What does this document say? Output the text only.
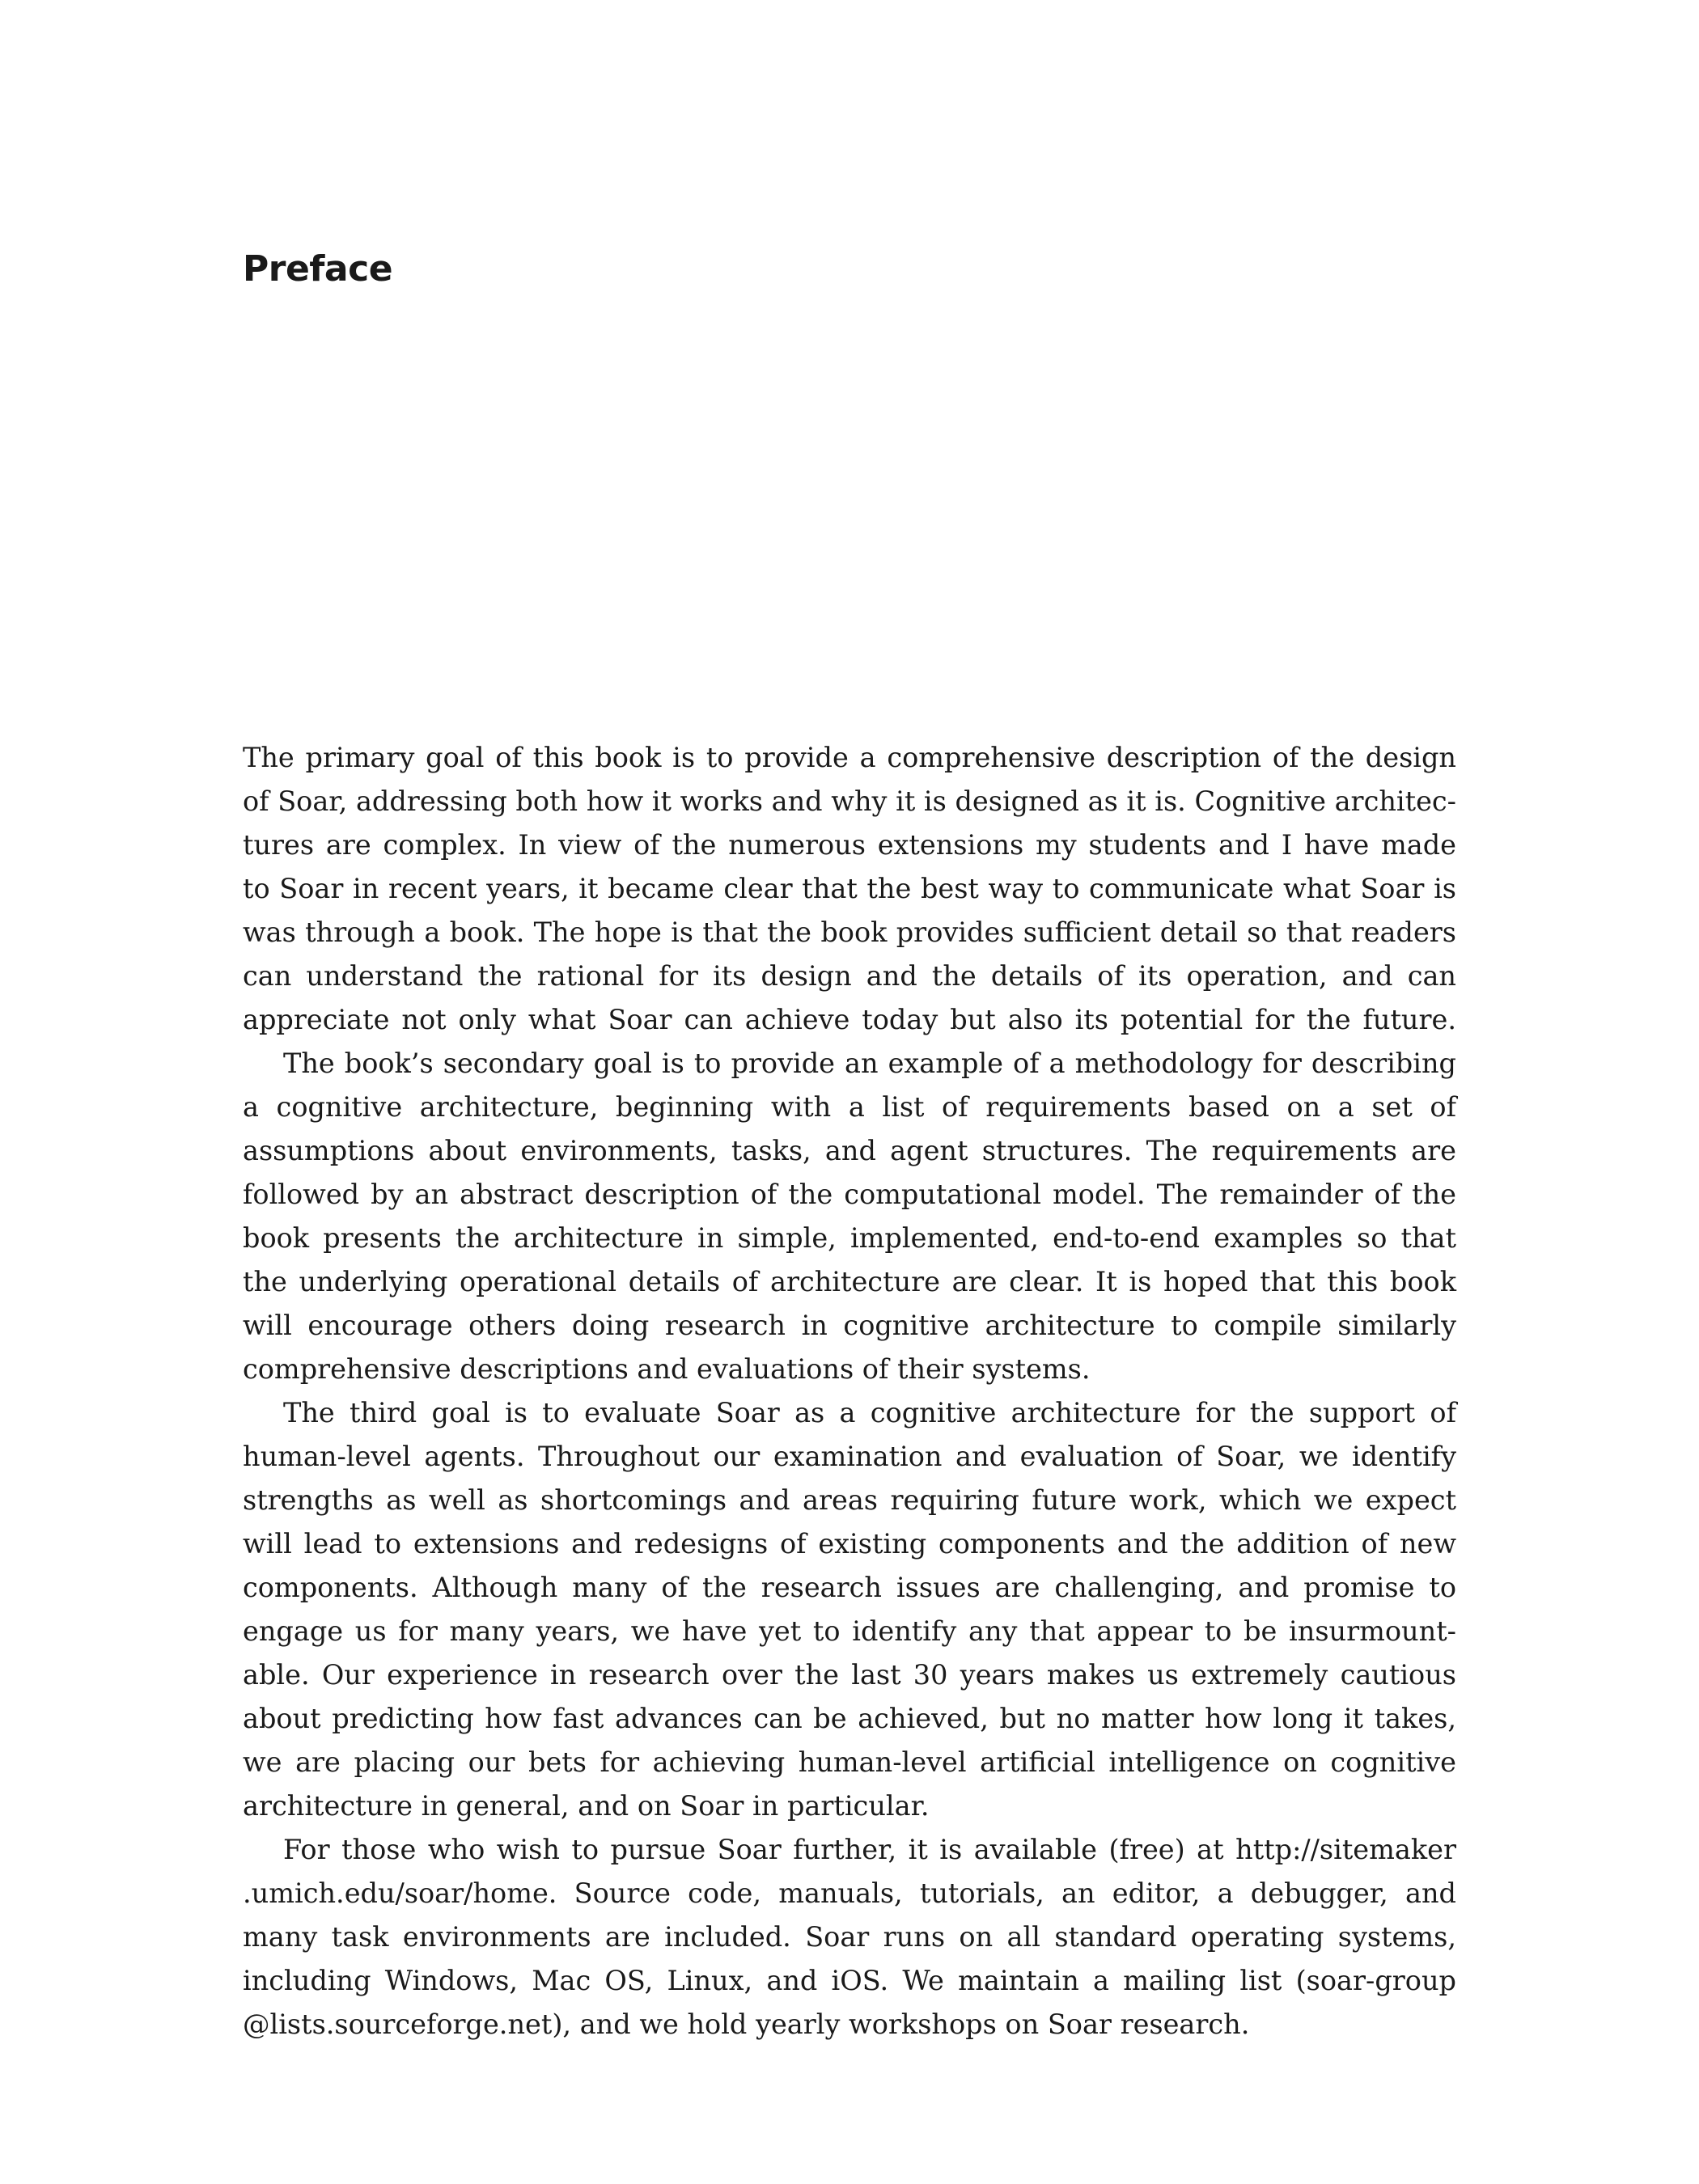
Preface
The primary goal of this book is to provide a comprehensive description of the design
of Soar, addressing both how it works and why it is designed as it is. Cognitive architec-
tures are complex. In view of the numerous extensions my students and I have made
to Soar in recent years, it became clear that the best way to communicate what Soar is
was through a book. The hope is that the book provides sufficient detail so that readers
can understand the rational for its design and the details of its operation, and can
appreciate not only what Soar can achieve today but also its potential for the future.
The book’s secondary goal is to provide an example of a methodology for describing
a cognitive architecture, beginning with a list of requirements based on a set of
assumptions about environments, tasks, and agent structures. The requirements are
followed by an abstract description of the computational model. The remainder of the
book presents the architecture in simple, implemented, end-to-end examples so that
the underlying operational details of architecture are clear. It is hoped that this book
will encourage others doing research in cognitive architecture to compile similarly
comprehensive descriptions and evaluations of their systems.
The third goal is to evaluate Soar as a cognitive architecture for the support of
human-level agents. Throughout our examination and evaluation of Soar, we identify
strengths as well as shortcomings and areas requiring future work, which we expect
will lead to extensions and redesigns of existing components and the addition of new
components. Although many of the research issues are challenging, and promise to
engage us for many years, we have yet to identify any that appear to be insurmount-
able. Our experience in research over the last 30 years makes us extremely cautious
about predicting how fast advances can be achieved, but no matter how long it takes,
we are placing our bets for achieving human-level artificial intelligence on cognitive
architecture in general, and on Soar in particular.
For those who wish to pursue Soar further, it is available (free) at http://sitemaker
.umich.edu/soar/home. Source code, manuals, tutorials, an editor, a debugger, and
many task environments are included. Soar runs on all standard operating systems,
including Windows, Mac OS, Linux, and iOS. We maintain a mailing list (soar-group
@lists.sourceforge.net), and we hold yearly workshops on Soar research.
